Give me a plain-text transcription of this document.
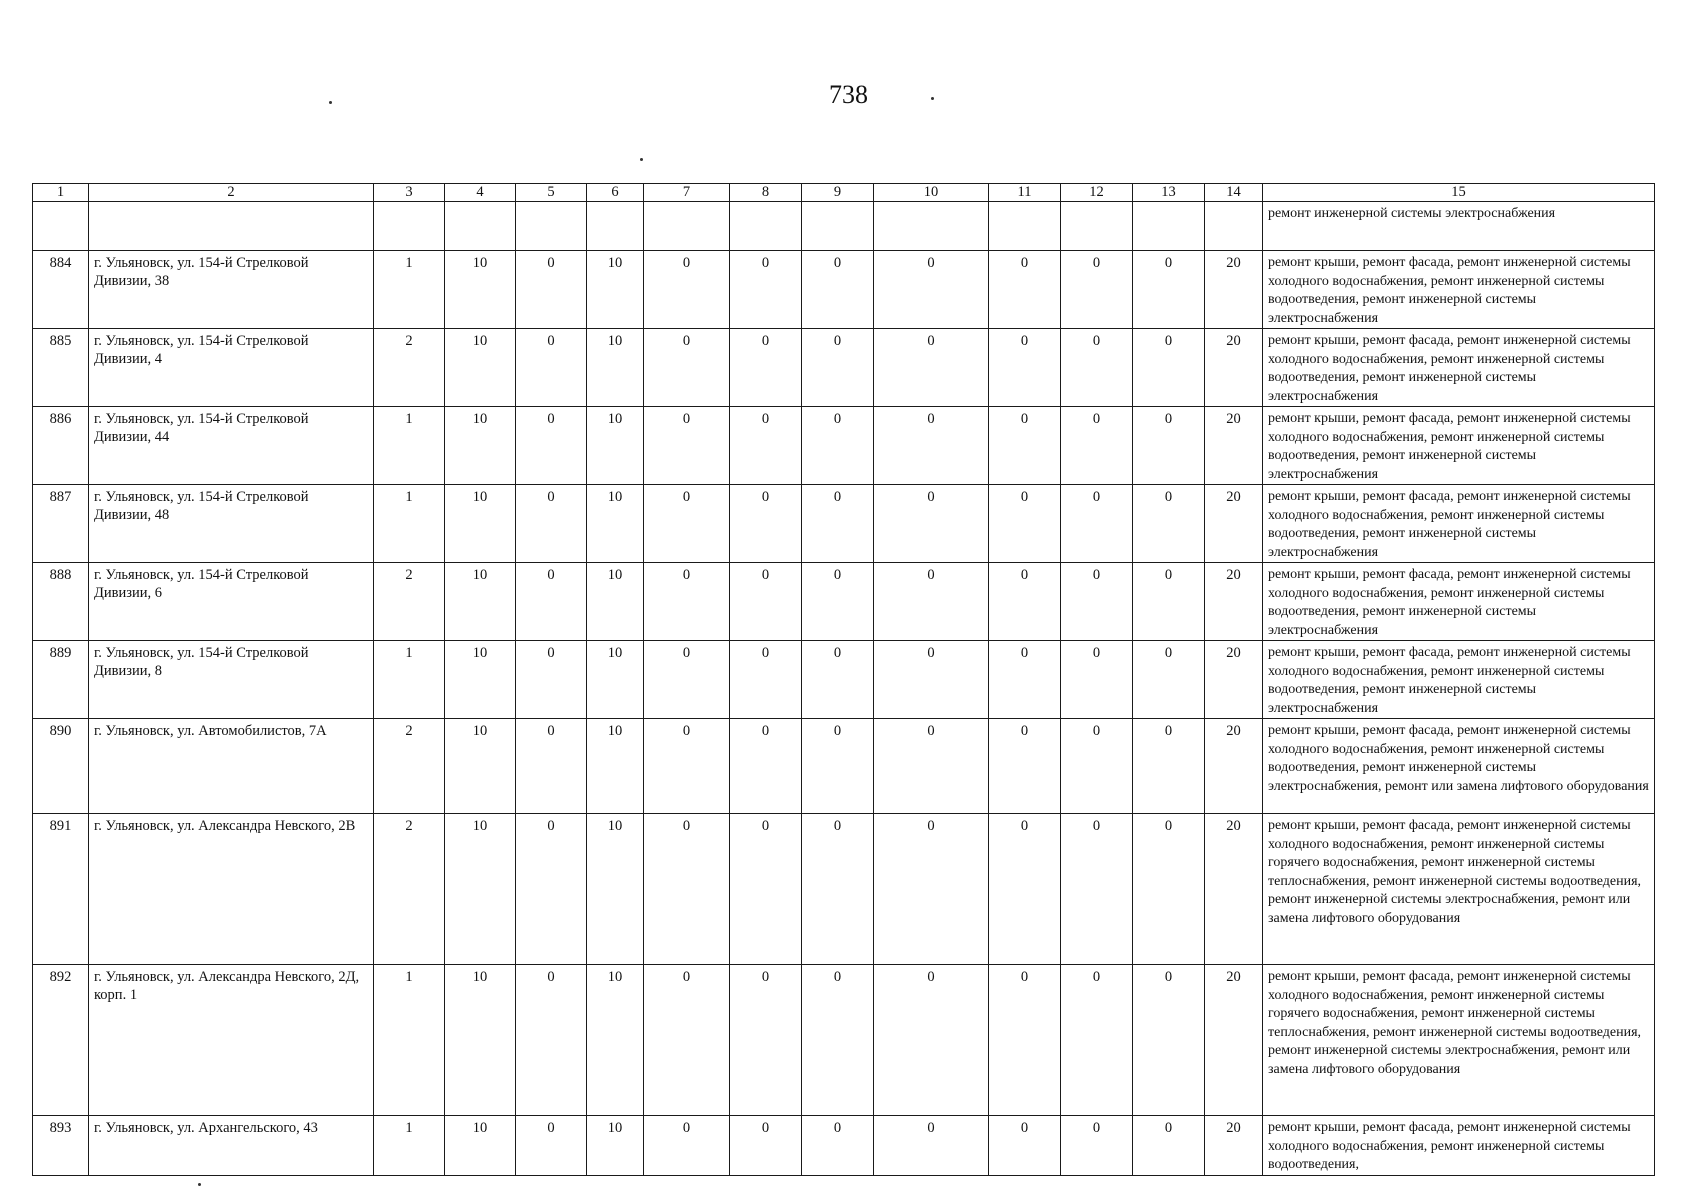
738
1	2	3	4	5	6	7	8	9	10	11	12	13	14	15
														ремонт инженерной системы электроснабжения
884	г. Ульяновск, ул. 154-й Стрелковой Дивизии, 38	1	10	0	10	0	0	0	0	0	0	0	20	ремонт крыши, ремонт фасада, ремонт инженерной системы холодного водоснабжения, ремонт инженерной системы водоотведения, ремонт инженерной системы электроснабжения
885	г. Ульяновск, ул. 154-й Стрелковой Дивизии, 4	2	10	0	10	0	0	0	0	0	0	0	20	ремонт крыши, ремонт фасада, ремонт инженерной системы холодного водоснабжения, ремонт инженерной системы водоотведения, ремонт инженерной системы электроснабжения
886	г. Ульяновск, ул. 154-й Стрелковой Дивизии, 44	1	10	0	10	0	0	0	0	0	0	0	20	ремонт крыши, ремонт фасада, ремонт инженерной системы холодного водоснабжения, ремонт инженерной системы водоотведения, ремонт инженерной системы электроснабжения
887	г. Ульяновск, ул. 154-й Стрелковой Дивизии, 48	1	10	0	10	0	0	0	0	0	0	0	20	ремонт крыши, ремонт фасада, ремонт инженерной системы холодного водоснабжения, ремонт инженерной системы водоотведения, ремонт инженерной системы электроснабжения
888	г. Ульяновск, ул. 154-й Стрелковой Дивизии, 6	2	10	0	10	0	0	0	0	0	0	0	20	ремонт крыши, ремонт фасада, ремонт инженерной системы холодного водоснабжения, ремонт инженерной системы водоотведения, ремонт инженерной системы электроснабжения
889	г. Ульяновск, ул. 154-й Стрелковой Дивизии, 8	1	10	0	10	0	0	0	0	0	0	0	20	ремонт крыши, ремонт фасада, ремонт инженерной системы холодного водоснабжения, ремонт инженерной системы водоотведения, ремонт инженерной системы электроснабжения
890	г. Ульяновск, ул. Автомобилистов, 7А	2	10	0	10	0	0	0	0	0	0	0	20	ремонт крыши, ремонт фасада, ремонт инженерной системы холодного водоснабжения, ремонт инженерной системы водоотведения, ремонт инженерной системы электроснабжения, ремонт или замена лифтового оборудования
891	г. Ульяновск, ул. Александра Невского, 2В	2	10	0	10	0	0	0	0	0	0	0	20	ремонт крыши, ремонт фасада, ремонт инженерной системы холодного водоснабжения, ремонт инженерной системы горячего водоснабжения, ремонт инженерной системы теплоснабжения, ремонт инженерной системы водоотведения, ремонт инженерной системы электроснабжения, ремонт или замена лифтового оборудования
892	г. Ульяновск, ул. Александра Невского, 2Д, корп. 1	1	10	0	10	0	0	0	0	0	0	0	20	ремонт крыши, ремонт фасада, ремонт инженерной системы холодного водоснабжения, ремонт инженерной системы горячего водоснабжения, ремонт инженерной системы теплоснабжения, ремонт инженерной системы водоотведения, ремонт инженерной системы электроснабжения, ремонт или замена лифтового оборудования
893	г. Ульяновск, ул. Архангельского, 43	1	10	0	10	0	0	0	0	0	0	0	20	ремонт крыши, ремонт фасада, ремонт инженерной системы холодного водоснабжения, ремонт инженерной системы водоотведения,
